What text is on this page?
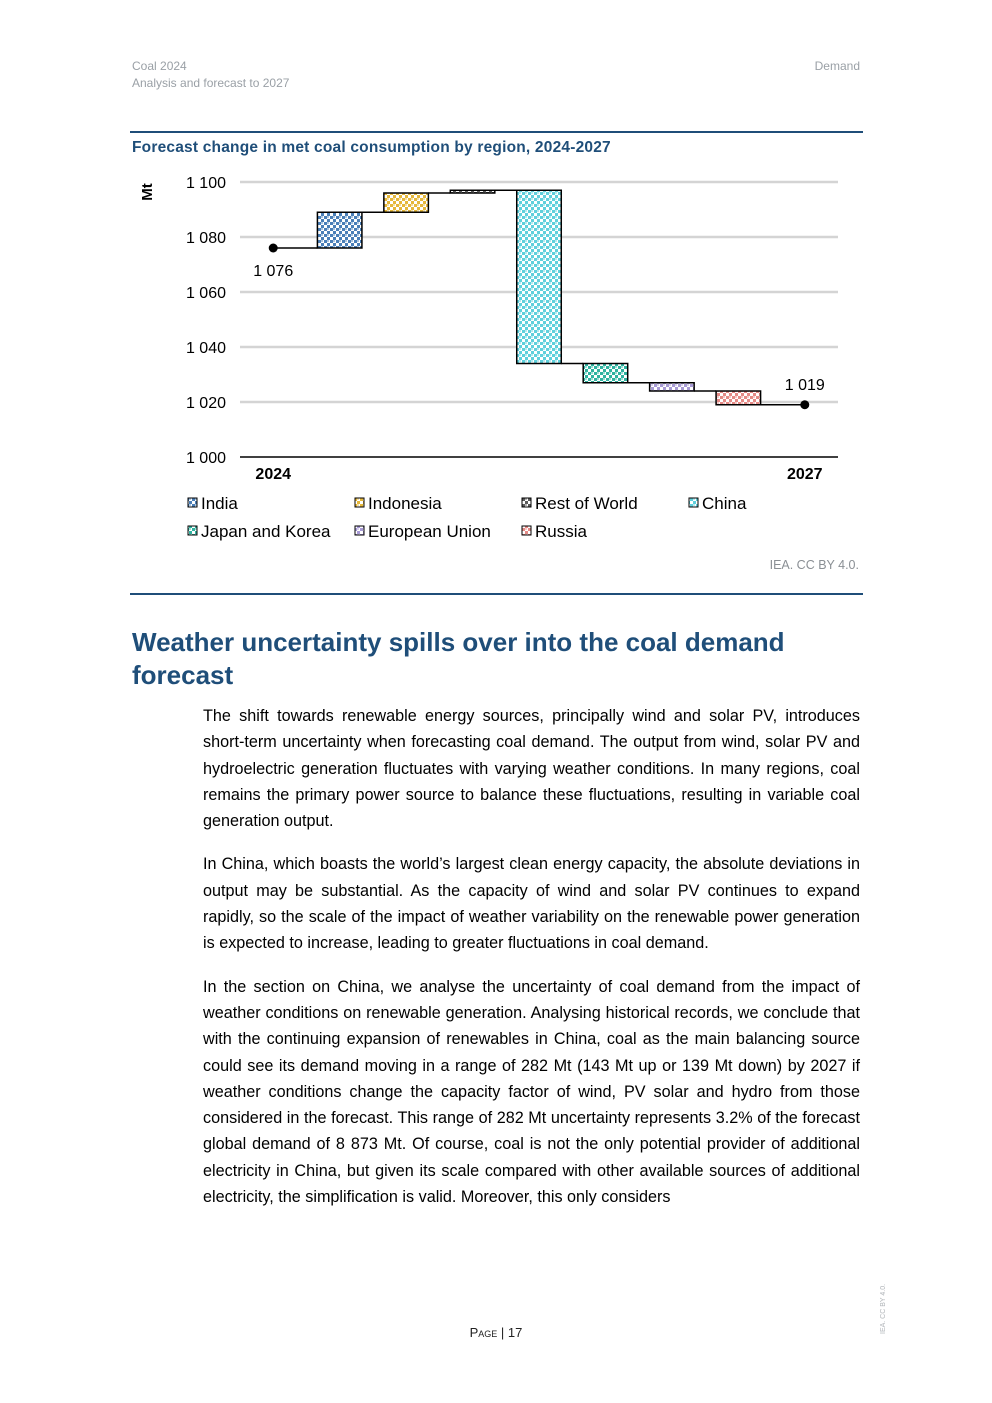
Coal 2024
Analysis and forecast to 2027
Demand
Forecast change in met coal consumption by region, 2024-2027
1 000
1 020
1 040
1 060
1 080
1 100
Mt
1 076
1 019
2024	2027
India	Indonesia	Rest of World	China
Japan and Korea European Union	Russia
IEA. CC BY 4.0.
Weather uncertainty spills over into the coal demand forecast

The shift towards renewable energy sources, principally wind and solar PV, introduces short-term uncertainty when forecasting coal demand. The output from wind, solar PV and hydroelectric generation fluctuates with varying weather conditions. In many regions, coal remains the primary power source to balance these fluctuations, resulting in variable coal generation output.

In China, which boasts the world’s largest clean energy capacity, the absolute deviations in output may be substantial. As the capacity of wind and solar PV continues to expand rapidly, so the scale of the impact of weather variability on the renewable power generation is expected to increase, leading to greater fluctuations in coal demand.

In the section on China, we analyse the uncertainty of coal demand from the impact of weather conditions on renewable generation. Analysing historical records, we conclude that with the continuing expansion of renewables in China, coal as the main balancing source could see its demand moving in a range of 282 Mt (143 Mt up or 139 Mt down) by 2027 if weather conditions change the capacity factor of wind, PV solar and hydro from those considered in the forecast. This range of 282 Mt uncertainty represents 3.2% of the forecast global demand of 8 873 Mt. Of course, coal is not the only potential provider of additional electricity in China, but given its scale compared with other available sources of additional electricity, the simplification is valid. Moreover, this only considers

Page | 17	IEA. CC BY 4.0.
